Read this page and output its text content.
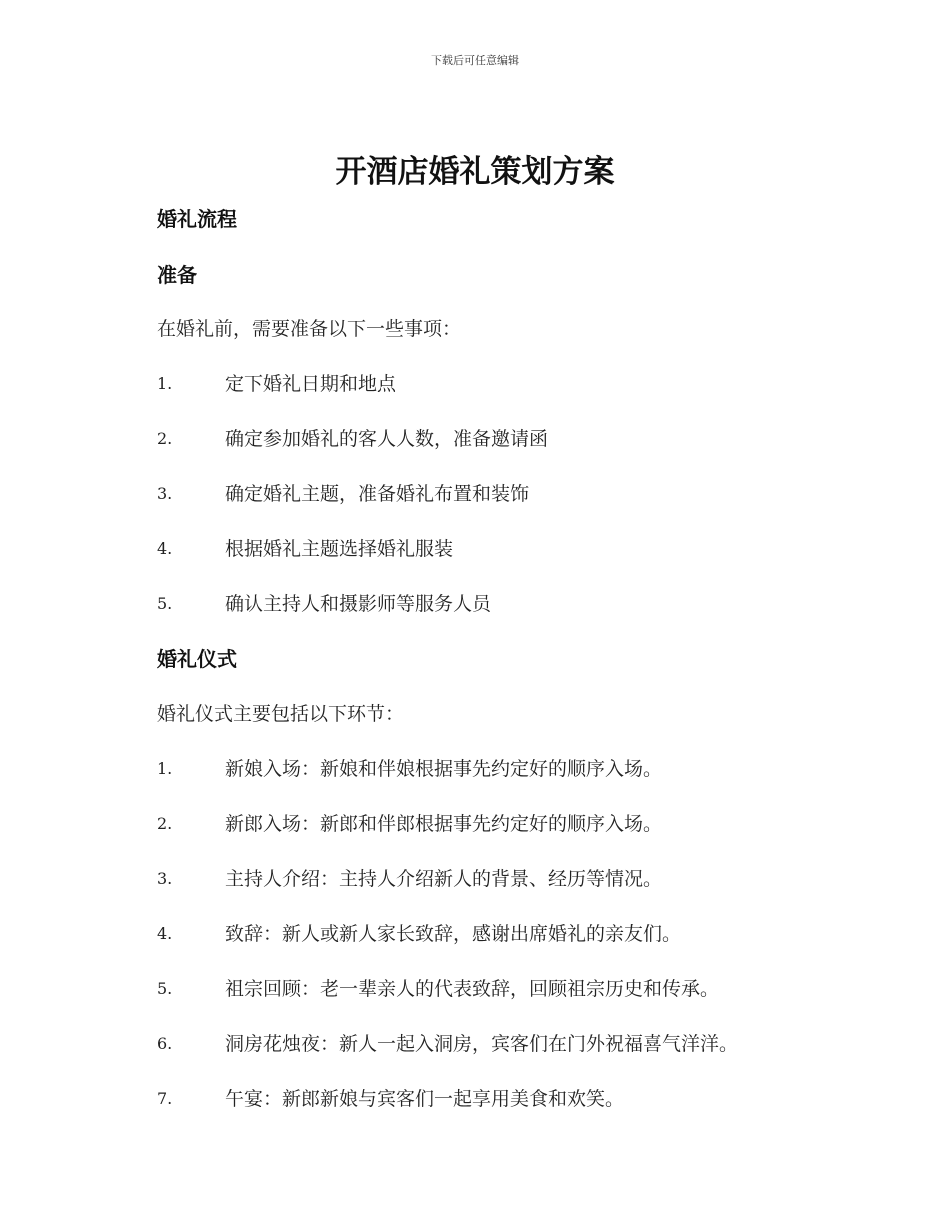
下载后可任意编辑
开酒店婚礼策划方案
婚礼流程
准备
在婚礼前，需要准备以下一些事项：
1.	定下婚礼日期和地点
2.	确定参加婚礼的客人人数，准备邀请函
3.	确定婚礼主题，准备婚礼布置和装饰
4.	根据婚礼主题选择婚礼服装
5.	确认主持人和摄影师等服务人员
婚礼仪式
婚礼仪式主要包括以下环节：
1.	新娘入场：新娘和伴娘根据事先约定好的顺序入场。
2.	新郎入场：新郎和伴郎根据事先约定好的顺序入场。
3.	主持人介绍：主持人介绍新人的背景、经历等情况。
4.	致辞：新人或新人家长致辞，感谢出席婚礼的亲友们。
5.	祖宗回顾：老一辈亲人的代表致辞，回顾祖宗历史和传承。
6.	洞房花烛夜：新人一起入洞房，宾客们在门外祝福喜气洋洋。
7.	午宴：新郎新娘与宾客们一起享用美食和欢笑。
